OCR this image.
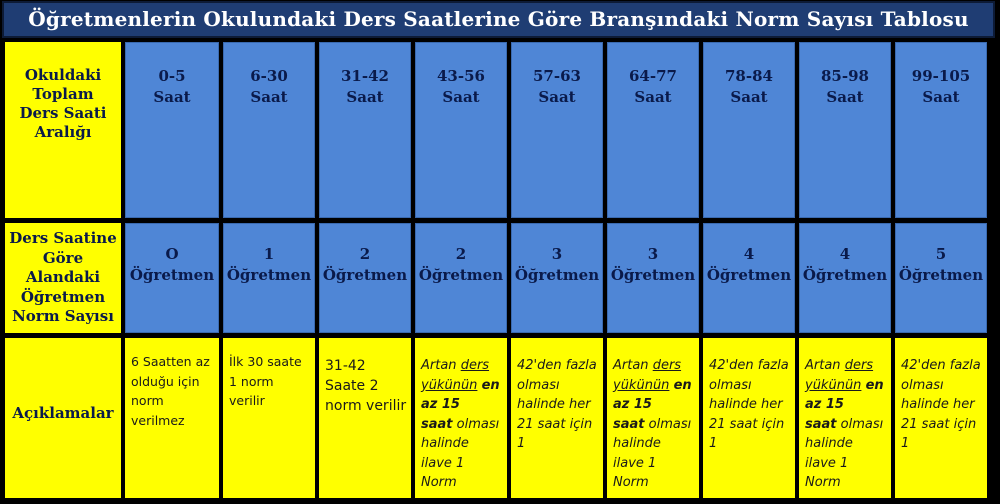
Öğretmenlerin Okulundaki Ders Saatlerine Göre Branşındaki Norm Sayısı Tablosu
Okuldaki
Toplam
Ders Saati
Aralığı
0-5
Saat
6-30
Saat
31-42
Saat
43-56
Saat
57-63
Saat
64-77
Saat
78-84
Saat
85-98
Saat
99-105
Saat
Ders Saatine
Göre
Alandaki
Öğretmen
Norm Sayısı
O
Öğretmen
1
Öğretmen
2
Öğretmen
2
Öğretmen
3
Öğretmen
3
Öğretmen
4
Öğretmen
4
Öğretmen
5
Öğretmen
Açıklamalar
6 Saatten az
olduğu için
norm
verilmez
İlk 30 saate
1 norm
verilir
31-42
Saate 2
norm verilir
Artan ders
yükünün en
az 15
saat olması
halinde
ilave 1
Norm
42'den fazla
olması
halinde her
21 saat için
1
Artan ders
yükünün en
az 15
saat olması
halinde
ilave 1
Norm
42'den fazla
olması
halinde her
21 saat için
1
Artan ders
yükünün en
az 15
saat olması
halinde
ilave 1
Norm
42'den fazla
olması
halinde her
21 saat için
1
